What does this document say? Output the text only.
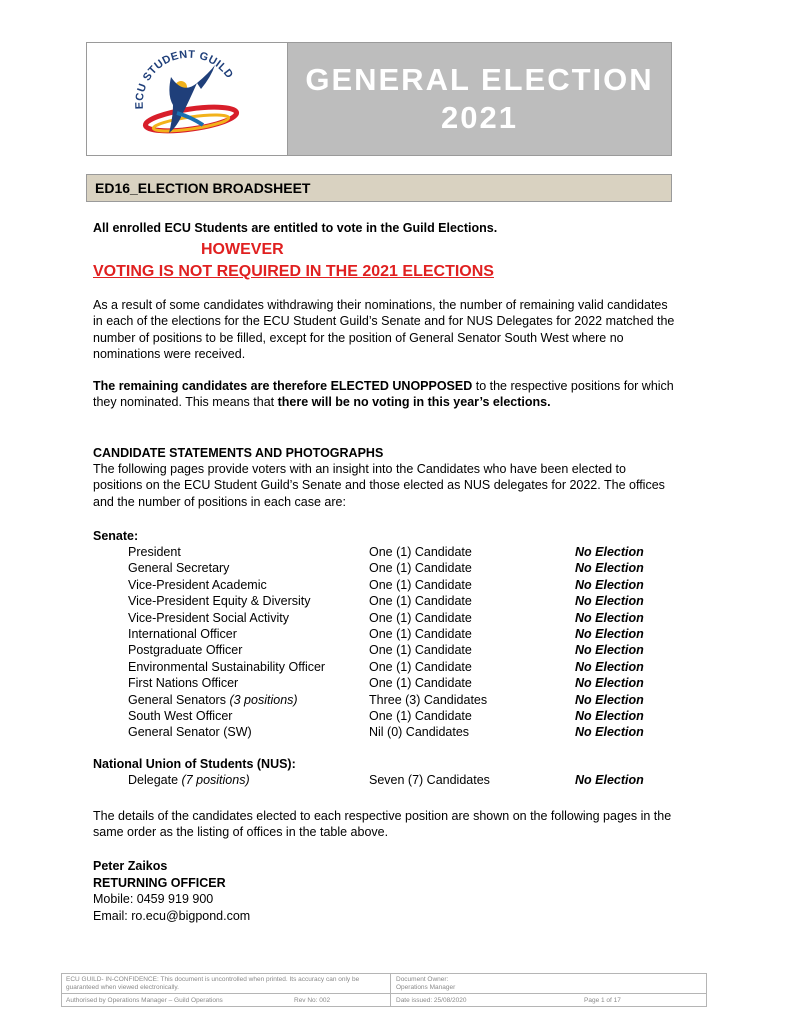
ECU STUDENT GUILD GENERAL ELECTION
2021
ED16_ELECTION BROADSHEET
All enrolled ECU Students are entitled to vote in the Guild Elections.
HOWEVER
VOTING IS NOT REQUIRED IN THE 2021 ELECTIONS
As a result of some candidates withdrawing their nominations, the number of remaining valid candidates in each of the elections for the ECU Student Guild’s Senate and for NUS Delegates for 2022 matched the number of positions to be filled, except for the position of General Senator South West where no nominations were received.
The remaining candidates are therefore ELECTED UNOPPOSED to the respective positions for which they nominated. This means that there will be no voting in this year’s elections.
CANDIDATE STATEMENTS AND PHOTOGRAPHS
The following pages provide voters with an insight into the Candidates who have been elected to positions on the ECU Student Guild’s Senate and those elected as NUS delegates for 2022. The offices and the number of positions in each case are:
Senate:
President	One (1) Candidate	No Election
General Secretary	One (1) Candidate	No Election
Vice-President Academic	One (1) Candidate	No Election
Vice-President Equity & Diversity	One (1) Candidate	No Election
Vice-President Social Activity	One (1) Candidate	No Election
International Officer	One (1) Candidate	No Election
Postgraduate Officer	One (1) Candidate	No Election
Environmental Sustainability Officer	One (1) Candidate	No Election
First Nations Officer	One (1) Candidate	No Election
General Senators (3 positions)	Three (3) Candidates	No Election
South West Officer	One (1) Candidate	No Election
General Senator (SW)	Nil (0) Candidates	No Election
National Union of Students (NUS):
Delegate (7 positions)	Seven (7) Candidates	No Election
The details of the candidates elected to each respective position are shown on the following pages in the same order as the listing of offices in the table above.
Peter Zaikos
RETURNING OFFICER
Mobile: 0459 919 900
Email: ro.ecu@bigpond.com
ECU GUILD- IN-CONFIDENCE: This document is uncontrolled when printed. Its accuracy can only be guaranteed when viewed electronically.
Document Owner:
Operations Manager
Authorised by Operations Manager – Guild Operations	Rev No: 002	Date issued: 25/08/2020	Page 1 of 17
